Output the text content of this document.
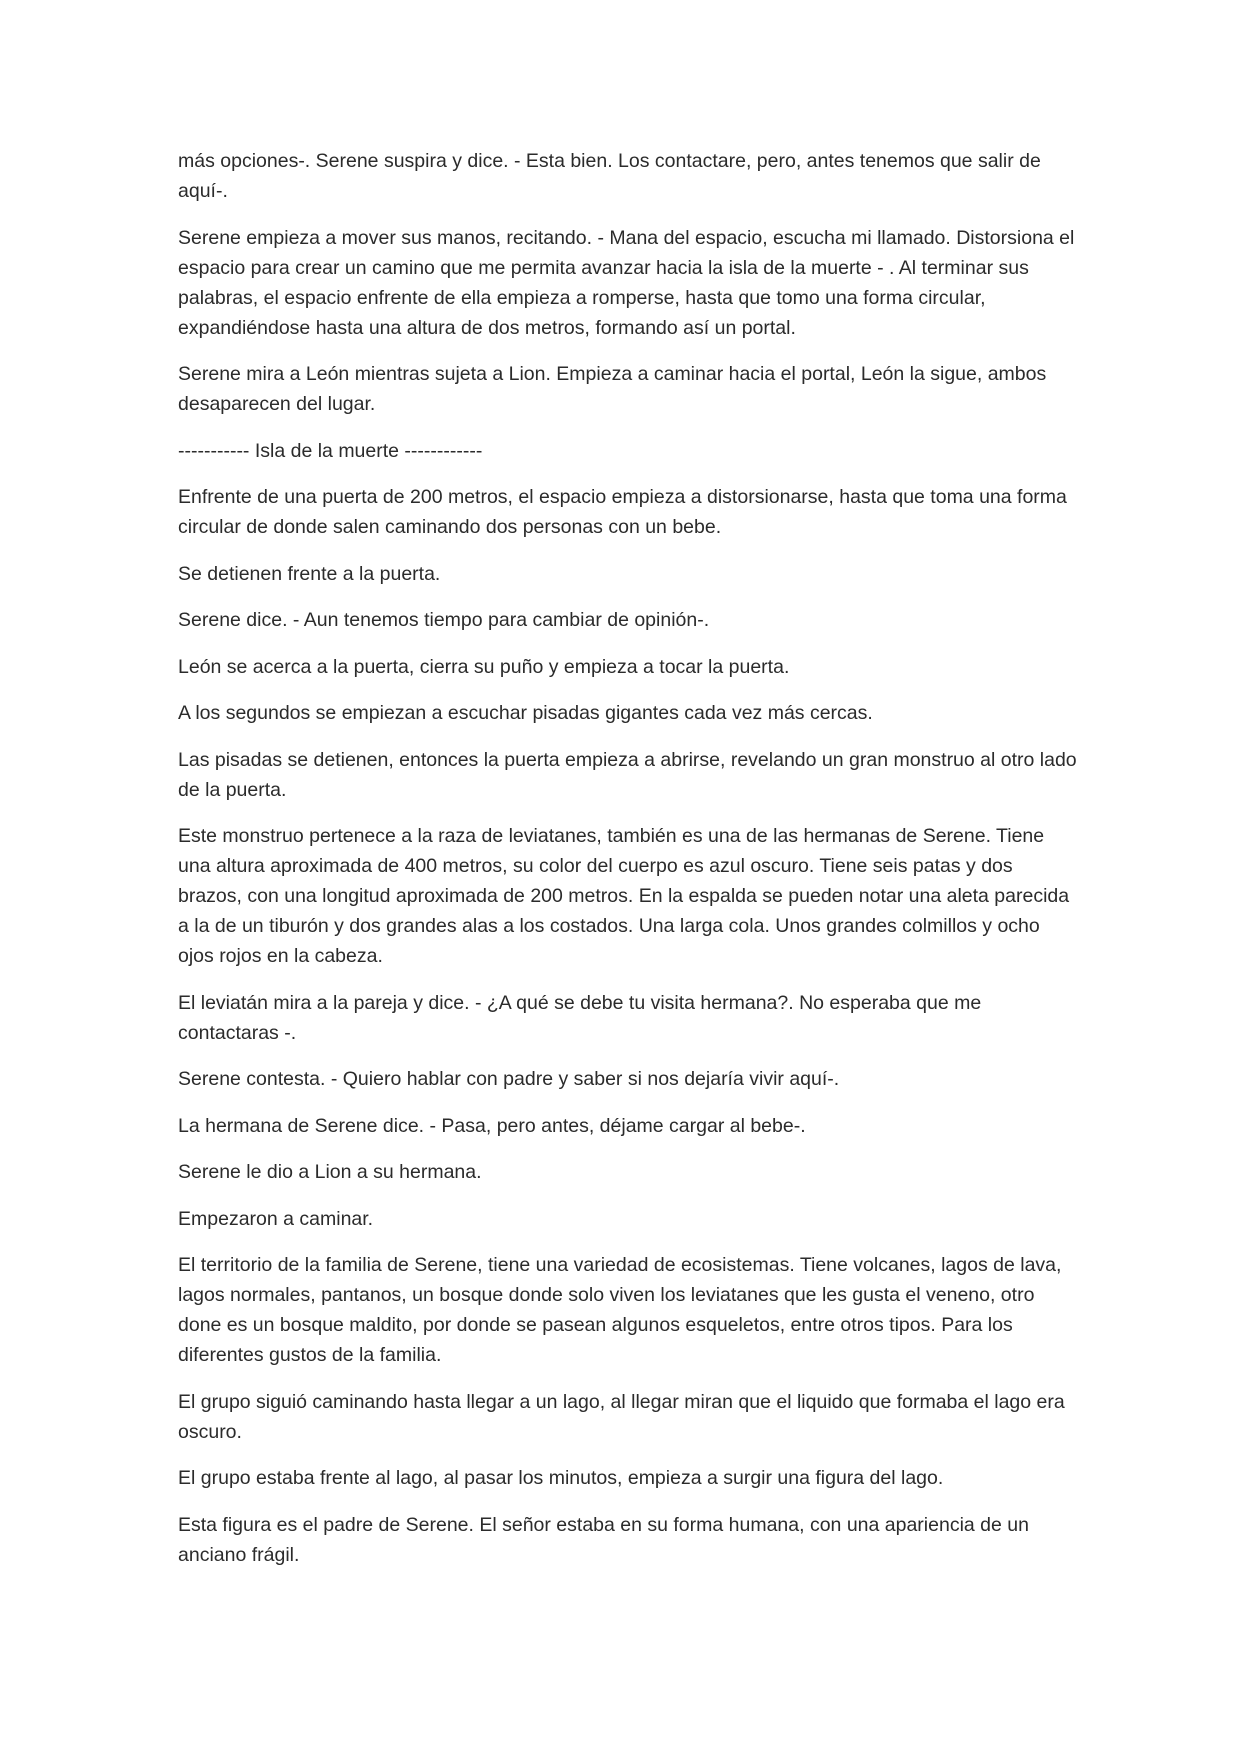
más opciones-. Serene suspira y dice. - Esta bien. Los contactare, pero, antes tenemos que salir de aquí-.

Serene empieza a mover sus manos, recitando. - Mana del espacio, escucha mi llamado. Distorsiona el espacio para crear un camino que me permita avanzar hacia la isla de la muerte - . Al terminar sus palabras, el espacio enfrente de ella empieza a romperse, hasta que tomo una forma circular, expandiéndose hasta una altura de dos metros, formando así un portal.

Serene mira a León mientras sujeta a Lion. Empieza a caminar hacia el portal, León la sigue, ambos desaparecen del lugar.

----------- Isla de la muerte ------------

Enfrente de una puerta de 200 metros, el espacio empieza a distorsionarse, hasta que toma una forma circular de donde salen caminando dos personas con un bebe.

Se detienen frente a la puerta.

Serene dice. - Aun tenemos tiempo para cambiar de opinión-.

León se acerca a la puerta, cierra su puño y empieza a tocar la puerta.

A los segundos se empiezan a escuchar pisadas gigantes cada vez más cercas.

Las pisadas se detienen, entonces la puerta empieza a abrirse, revelando un gran monstruo al otro lado de la puerta.

Este monstruo pertenece a la raza de leviatanes, también es una de las hermanas de Serene. Tiene una altura aproximada de 400 metros, su color del cuerpo es azul oscuro. Tiene seis patas y dos brazos, con una longitud aproximada de 200 metros. En la espalda se pueden notar una aleta parecida a la de un tiburón y dos grandes alas a los costados. Una larga cola. Unos grandes colmillos y ocho ojos rojos en la cabeza.

El leviatán mira a la pareja y dice. - ¿A qué se debe tu visita hermana?. No esperaba que me contactaras -.

Serene contesta. - Quiero hablar con padre y saber si nos dejaría vivir aquí-.

La hermana de Serene dice. - Pasa, pero antes, déjame cargar al bebe-.

Serene le dio a Lion a su hermana.

Empezaron a caminar.

El territorio de la familia de Serene, tiene una variedad de ecosistemas. Tiene volcanes, lagos de lava, lagos normales, pantanos, un bosque donde solo viven los leviatanes que les gusta el veneno, otro done es un bosque maldito, por donde se pasean algunos esqueletos, entre otros tipos. Para los diferentes gustos de la familia.

El grupo siguió caminando hasta llegar a un lago, al llegar miran que el liquido que formaba el lago era oscuro.

El grupo estaba frente al lago, al pasar los minutos, empieza a surgir una figura del lago.

Esta figura es el padre de Serene. El señor estaba en su forma humana, con una apariencia de un anciano frágil.
